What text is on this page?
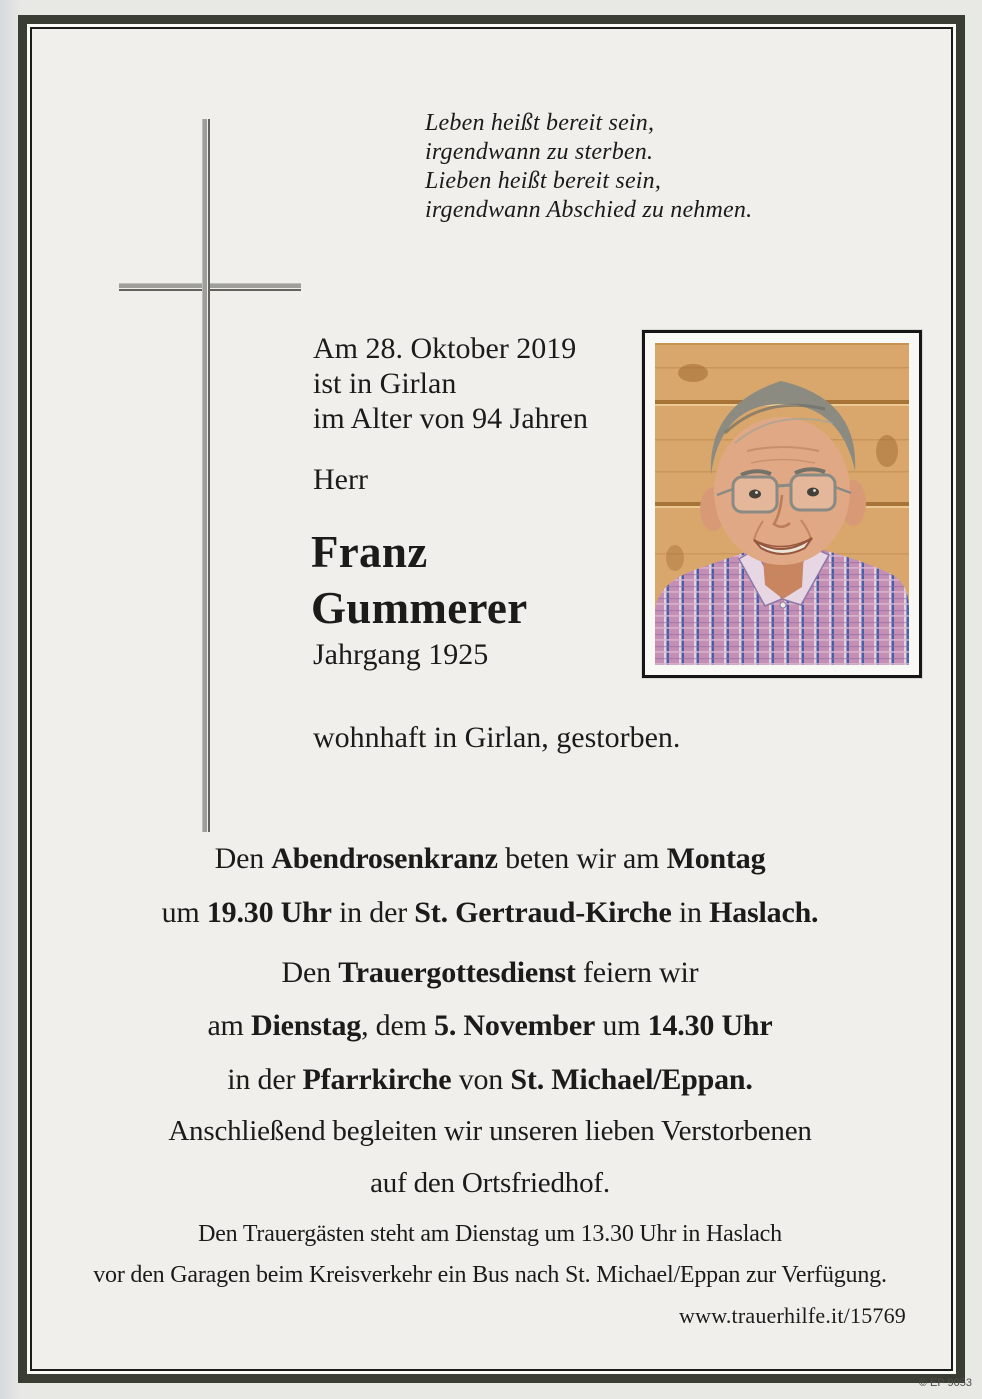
Leben heißt bereit sein,
irgendwann zu sterben.
Lieben heißt bereit sein,
irgendwann Abschied zu nehmen.
Am 28. Oktober 2019
ist in Girlan
im Alter von 94 Jahren
Herr
Franz
Gummerer
Jahrgang 1925
wohnhaft in Girlan, gestorben.
Den Abendrosenkranz beten wir am Montag
um 19.30 Uhr in der St. Gertraud-Kirche in Haslach.
Den Trauergottesdienst feiern wir
am Dienstag, dem 5. November um 14.30 Uhr
in der Pfarrkirche von St. Michael/Eppan.
Anschließend begleiten wir unseren lieben Verstorbenen
auf den Ortsfriedhof.
Den Trauergästen steht am Dienstag um 13.30 Uhr in Haslach
vor den Garagen beim Kreisverkehr ein Bus nach St. Michael/Eppan zur Verfügung.
www.trauerhilfe.it/15769
© EP 9053
